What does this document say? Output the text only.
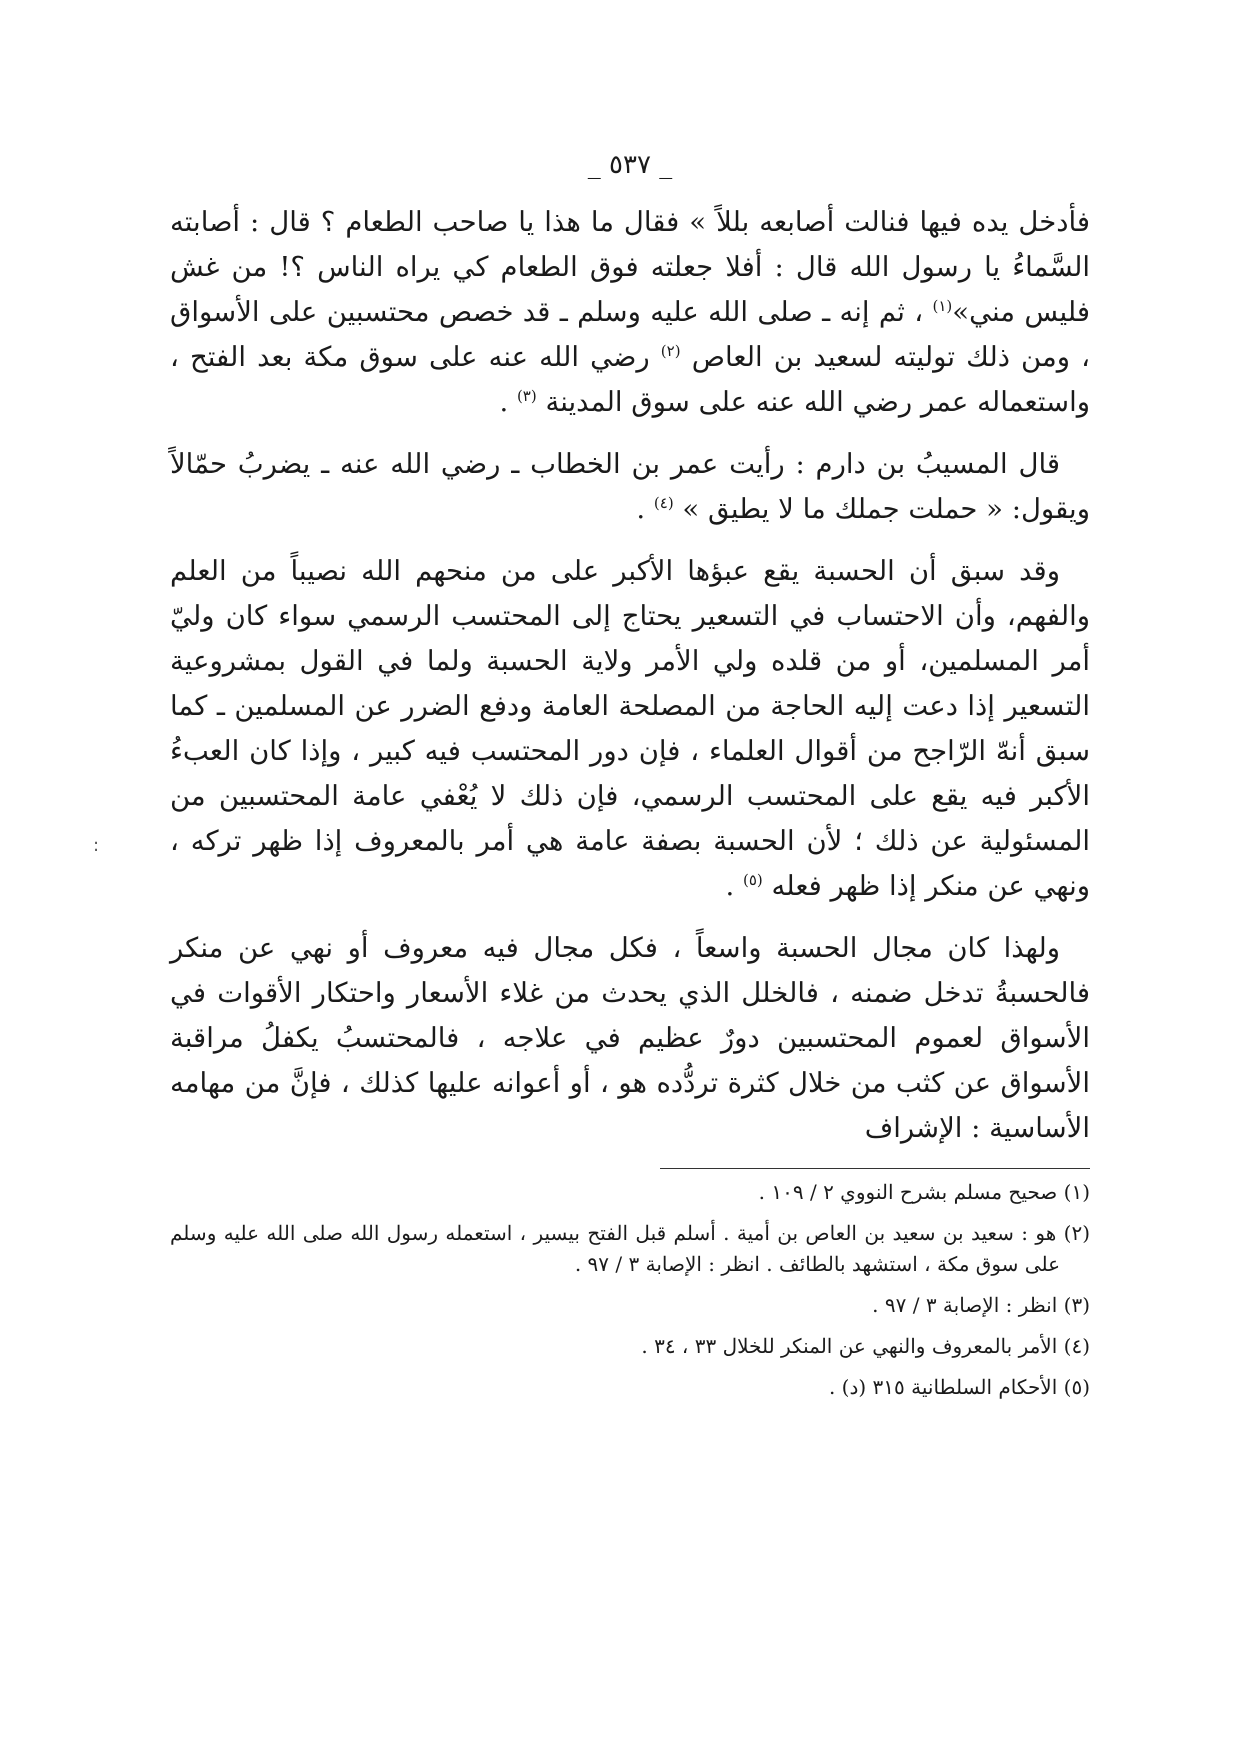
:
_ ٥٣٧ _

فأدخل يده فيها فنالت أصابعه بللاً » فقال ما هذا يا صاحب الطعام ؟ قال : أصابته السَّماءُ يا رسول الله قال : أفلا جعلته فوق الطعام كي يراه الناس ؟! من غش فليس مني»$^{(١)}$ ، ثم إنه ـ صلى الله عليه وسلم ـ قد خصص محتسبين على الأسواق ، ومن ذلك توليته لسعيد بن العاص $^{(٢)}$ رضي الله عنه على سوق مكة بعد الفتح ، واستعماله عمر رضي الله عنه على سوق المدينة $^{(٣)}$ .

قال المسيبُ بن دارم : رأيت عمر بن الخطاب ـ رضي الله عنه ـ يضربُ حمّالاً ويقول: « حملت جملك ما لا يطيق » $^{(٤)}$ .

وقد سبق أن الحسبة يقع عبؤها الأكبر على من منحهم الله نصيباً من العلم والفهم، وأن الاحتساب في التسعير يحتاج إلى المحتسب الرسمي سواء كان وليّ أمر المسلمين، أو من قلده ولي الأمر ولاية الحسبة ولما في القول بمشروعية التسعير إذا دعت إليه الحاجة من المصلحة العامة ودفع الضرر عن المسلمين ـ كما سبق أنهّ الرّاجح من أقوال العلماء ، فإن دور المحتسب فيه كبير ، وإذا كان العبءُ الأكبر فيه يقع على المحتسب الرسمي، فإن ذلك لا يُعْفي عامة المحتسبين من المسئولية عن ذلك ؛ لأن الحسبة بصفة عامة هي أمر بالمعروف إذا ظهر تركه ، ونهي عن منكر إذا ظهر فعله $^{(٥)}$ .

ولهذا كان مجال الحسبة واسعاً ، فكل مجال فيه معروف أو نهي عن منكر فالحسبةُ تدخل ضمنه ، فالخلل الذي يحدث من غلاء الأسعار واحتكار الأقوات في الأسواق لعموم المحتسبين دورٌ عظيم في علاجه ، فالمحتسبُ يكفلُ مراقبة الأسواق عن كثب من خلال كثرة تردُّده هو ، أو أعوانه عليها كذلك ، فإنَّ من مهامه الأساسية : الإشراف

(١) صحيح مسلم بشرح النووي ٢ / ١٠٩ .
(٢) هو : سعيد بن سعيد بن العاص بن أمية . أسلم قبل الفتح بيسير ، استعمله رسول الله صلى الله عليه وسلم على سوق مكة ، استشهد بالطائف . انظر : الإصابة ٣ / ٩٧ .
(٣) انظر : الإصابة ٣ / ٩٧ .
(٤) الأمر بالمعروف والنهي عن المنكر للخلال ٣٣ ، ٣٤ .
(٥) الأحكام السلطانية ٣١٥ (د) .
